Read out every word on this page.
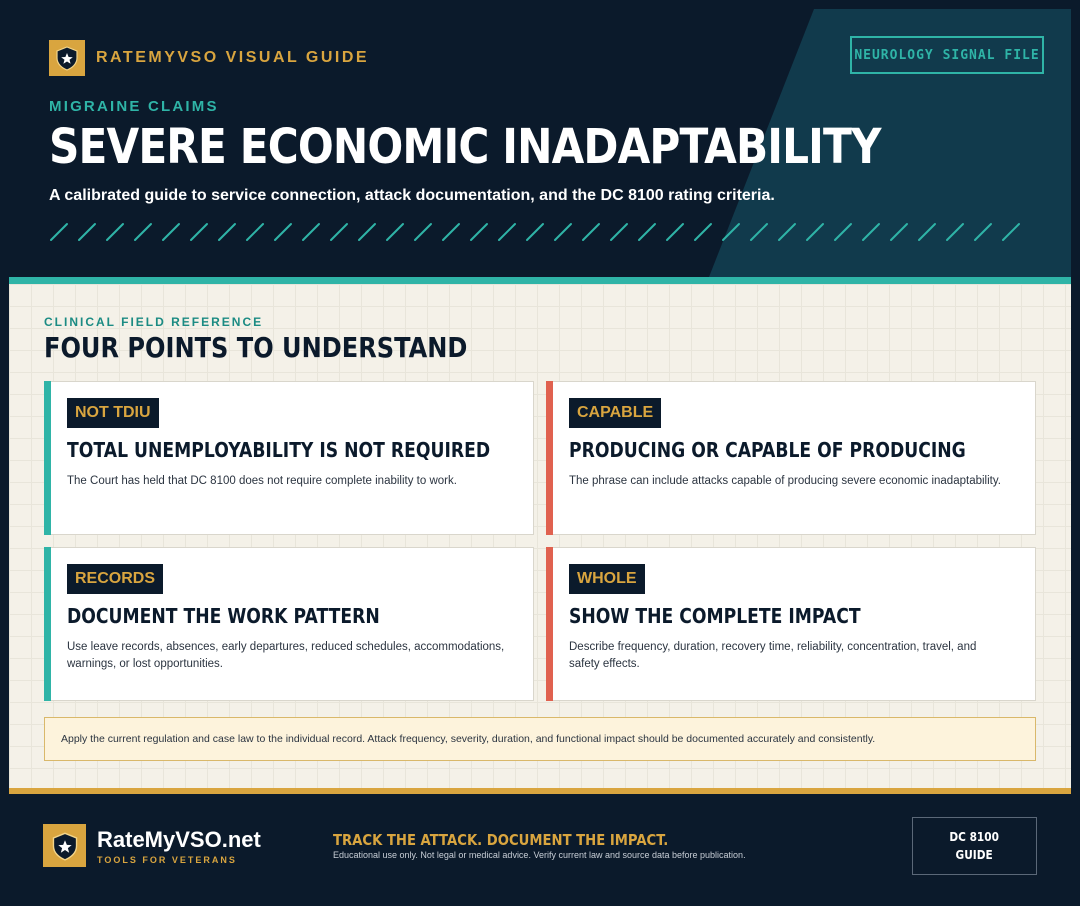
RATEMYVSO VISUAL GUIDE	NEUROLOGY SIGNAL FILE
MIGRAINE CLAIMS
SEVERE ECONOMIC INADAPTABILITY
A calibrated guide to service connection, attack documentation, and the DC 8100 rating criteria.
CLINICAL FIELD REFERENCE
FOUR POINTS TO UNDERSTAND
NOT TDIU
TOTAL UNEMPLOYABILITY IS NOT REQUIRED
The Court has held that DC 8100 does not require complete inability to work.
CAPABLE
PRODUCING OR CAPABLE OF PRODUCING
The phrase can include attacks capable of producing severe economic inadaptability.
RECORDS
DOCUMENT THE WORK PATTERN
Use leave records, absences, early departures, reduced schedules, accommodations, warnings, or lost opportunities.
WHOLE
SHOW THE COMPLETE IMPACT
Describe frequency, duration, recovery time, reliability, concentration, travel, and safety effects.
Apply the current regulation and case law to the individual record. Attack frequency, severity, duration, and functional impact should be documented accurately and consistently.
RateMyVSO.net
TOOLS FOR VETERANS
TRACK THE ATTACK. DOCUMENT THE IMPACT.
Educational use only. Not legal or medical advice. Verify current law and source data before publication.
DC 8100
GUIDE
